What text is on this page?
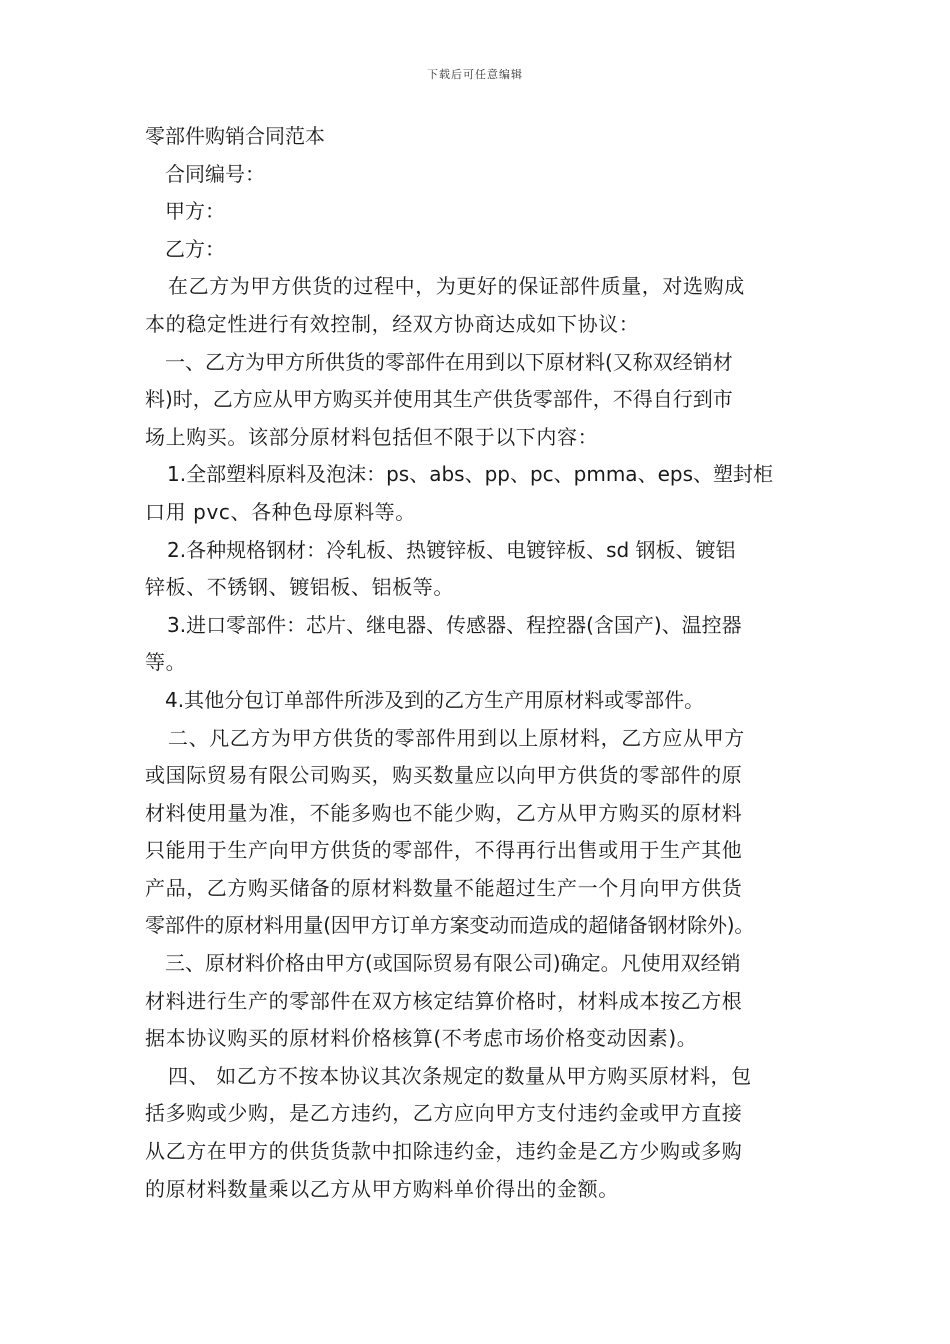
下载后可任意编辑
零部件购销合同范本
合同编号：
甲方：
乙方：
在乙方为甲方供货的过程中，为更好的保证部件质量，对选购成
本的稳定性进行有效控制，经双方协商达成如下协议：
一、乙方为甲方所供货的零部件在用到以下原材料(又称双经销材
料)时，乙方应从甲方购买并使用其生产供货零部件，不得自行到市
场上购买。该部分原材料包括但不限于以下内容：
1.全部塑料原料及泡沫：ps、abs、pp、pc、pmma、eps、塑封柜
口用 pvc、各种色母原料等。
2.各种规格钢材：冷轧板、热镀锌板、电镀锌板、sd 钢板、镀铝
锌板、不锈钢、镀铝板、铝板等。
3.进口零部件：芯片、继电器、传感器、程控器(含国产)、温控器
等。
4.其他分包订单部件所涉及到的乙方生产用原材料或零部件。
二、凡乙方为甲方供货的零部件用到以上原材料，乙方应从甲方
或国际贸易有限公司购买，购买数量应以向甲方供货的零部件的原
材料使用量为准，不能多购也不能少购，乙方从甲方购买的原材料
只能用于生产向甲方供货的零部件，不得再行出售或用于生产其他
产品，乙方购买储备的原材料数量不能超过生产一个月向甲方供货
零部件的原材料用量(因甲方订单方案变动而造成的超储备钢材除外)。
三、原材料价格由甲方(或国际贸易有限公司)确定。凡使用双经销
材料进行生产的零部件在双方核定结算价格时，材料成本按乙方根
据本协议购买的原材料价格核算(不考虑市场价格变动因素)。
四、 如乙方不按本协议其次条规定的数量从甲方购买原材料，包
括多购或少购，是乙方违约，乙方应向甲方支付违约金或甲方直接
从乙方在甲方的供货货款中扣除违约金，违约金是乙方少购或多购
的原材料数量乘以乙方从甲方购料单价得出的金额。
